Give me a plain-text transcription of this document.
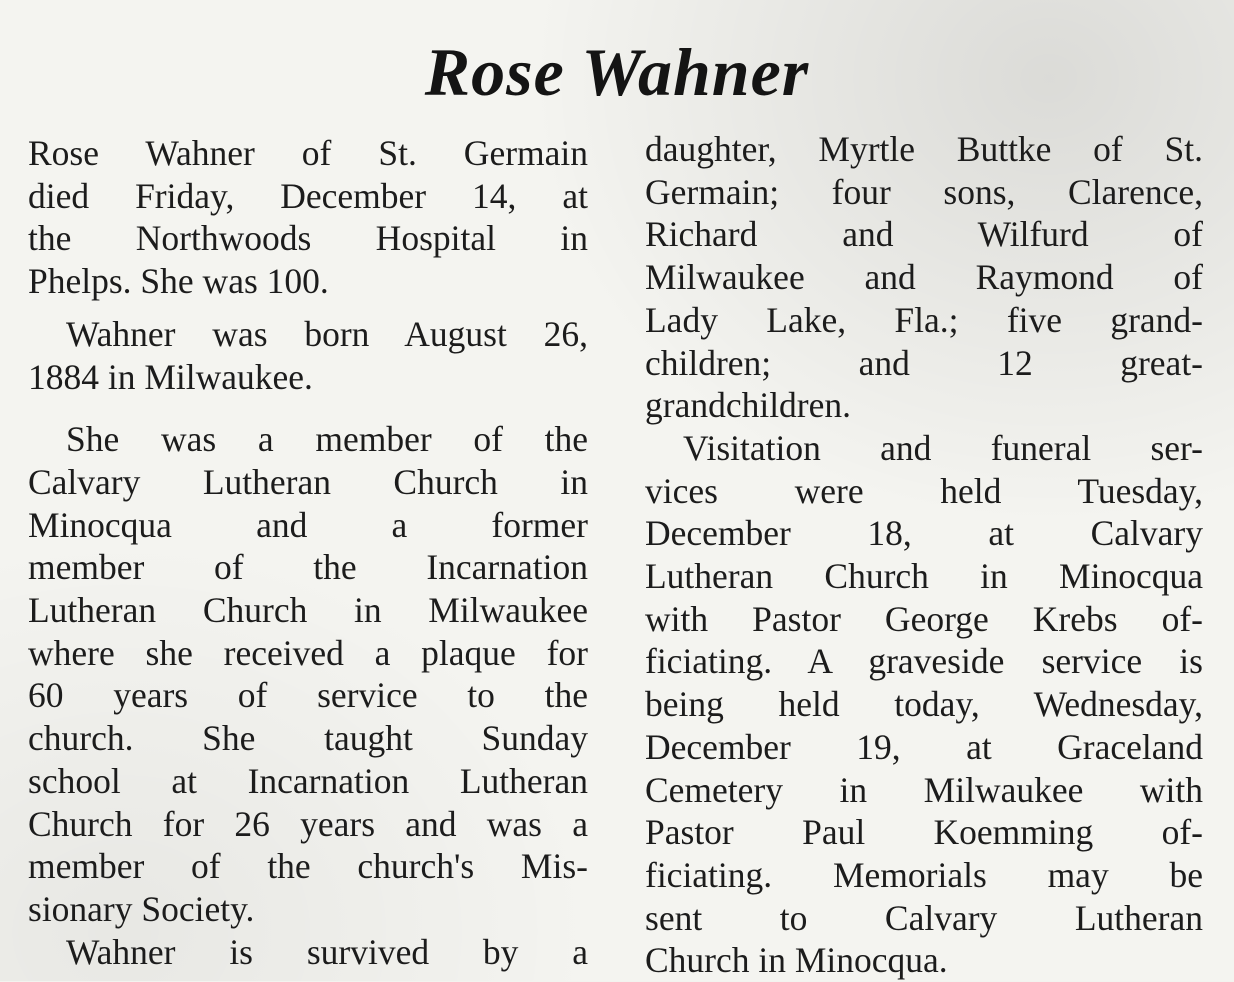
Rose Wahner

Rose Wahner of St. Germain
died Friday, December 14, at
the Northwoods Hospital in
Phelps. She was 100.

Wahner was born August 26,
1884 in Milwaukee.

She was a member of the
Calvary Lutheran Church in
Minocqua and a former
member of the Incarnation
Lutheran Church in Milwaukee
where she received a plaque for
60 years of service to the
church. She taught Sunday
school at Incarnation Lutheran
Church for 26 years and was a
member of the church's Mis-
sionary Society.

Wahner is survived by a

daughter, Myrtle Buttke of St.
Germain; four sons, Clarence,
Richard and Wilfurd of
Milwaukee and Raymond of
Lady Lake, Fla.; five grand-
children; and 12 great-
grandchildren.

Visitation and funeral ser-
vices were held Tuesday,
December 18, at Calvary
Lutheran Church in Minocqua
with Pastor George Krebs of-
ficiating. A graveside service is
being held today, Wednesday,
December 19, at Graceland
Cemetery in Milwaukee with
Pastor Paul Koemming of-
ficiating. Memorials may be
sent to Calvary Lutheran
Church in Minocqua.
